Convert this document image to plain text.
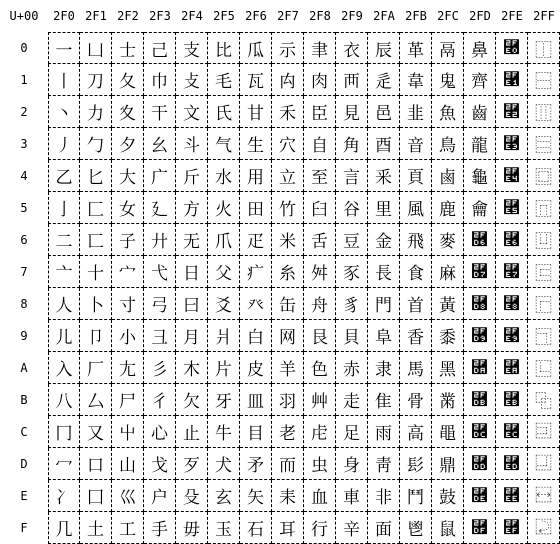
U+00	2F0 2F1 2F2 2F3 2F4 2F5 2F6 2F7 2F8 2F9 2FA 2FB 2FC 2FD 2FE 2FF
0	⼀ ⼐ ⼠ ⼰ ⽀ ⽐ ⽠ ⽰ ⾀ ⾐ ⾠ ⾰ ⿀ ⿐ ⿠ ⿰
1	⼁ ⼑ ⼡ ⼱ ⽁ ⽑ ⽡ ⽱ ⾁ ⾑ ⾡ ⾱ ⿁ ⿑ ⿡ ⿱
2	⼂ ⼒ ⼢ ⼲ ⽂ ⽒ ⽢ ⽲ ⾂ ⾒ ⾢ ⾲ ⿂ ⿒ ⿢ ⿲
3	⼃ ⼓ ⼣ ⼳ ⽃ ⽓ ⽣ ⽳ ⾃ ⾓ ⾣ ⾳ ⿃ ⿓ ⿣ ⿳
4	⼄ ⼔ ⼤ ⼴ ⽄ ⽔ ⽤ ⽴ ⾄ ⾔ ⾤ ⾴ ⿄ ⿔ ⿤ ⿴
5	⼅ ⼕ ⼥ ⼵ ⽅ ⽕ ⽥ ⽵ ⾅ ⾕ ⾥ ⾵ ⿅ ⿕ ⿥ ⿵
6	⼆ ⼖ ⼦ ⼶ ⽆ ⽖ ⽦ ⽶ ⾆ ⾖ ⾦ ⾶ ⿆ ⿖ ⿦ ⿶
7	⼇ ⼗ ⼧ ⼷ ⽇ ⽗ ⽧ ⽷ ⾇ ⾗ ⾧ ⾷ ⿇ ⿗ ⿧ ⿷
8	⼈ ⼘ ⼨ ⼸ ⽈ ⽘ ⽨ ⽸ ⾈ ⾘ ⾨ ⾸ ⿈ ⿘ ⿨ ⿸
9	⼉ ⼙ ⼩ ⼹ ⽉ ⽙ ⽩ ⽹ ⾉ ⾙ ⾩ ⾹ ⿉ ⿙ ⿩ ⿹
A	⼊ ⼚ ⼪ ⼺ ⽊ ⽚ ⽪ ⽺ ⾊ ⾚ ⾪ ⾺ ⿊ ⿚ ⿪ ⿺
B	⼋ ⼛ ⼫ ⼻ ⽋ ⽛ ⽫ ⽻ ⾋ ⾛ ⾫ ⾻ ⿋ ⿛ ⿫ ⿻
C	⼌ ⼜ ⼬ ⼼ ⽌ ⽜ ⽬ ⽼ ⾌ ⾜ ⾬ ⾼ ⿌ ⿜ ⿬ ⿼
D	⼍ ⼝ ⼭ ⼽ ⽍ ⽝ ⽭ ⽽ ⾍ ⾝ ⾭ ⾽ ⿍ ⿝ ⿭ ⿽
E	⼎ ⼞ ⼮ ⼾ ⽎ ⽞ ⽮ ⽾ ⾎ ⾞ ⾮ ⾾ ⿎ ⿞ ⿮ ⿾
F	⼏ ⼟ ⼯ ⼿ ⽏ ⽟ ⽯ ⽿ ⾏ ⾟ ⾯ ⾿ ⿏ ⿟ ⿯ ⿿
